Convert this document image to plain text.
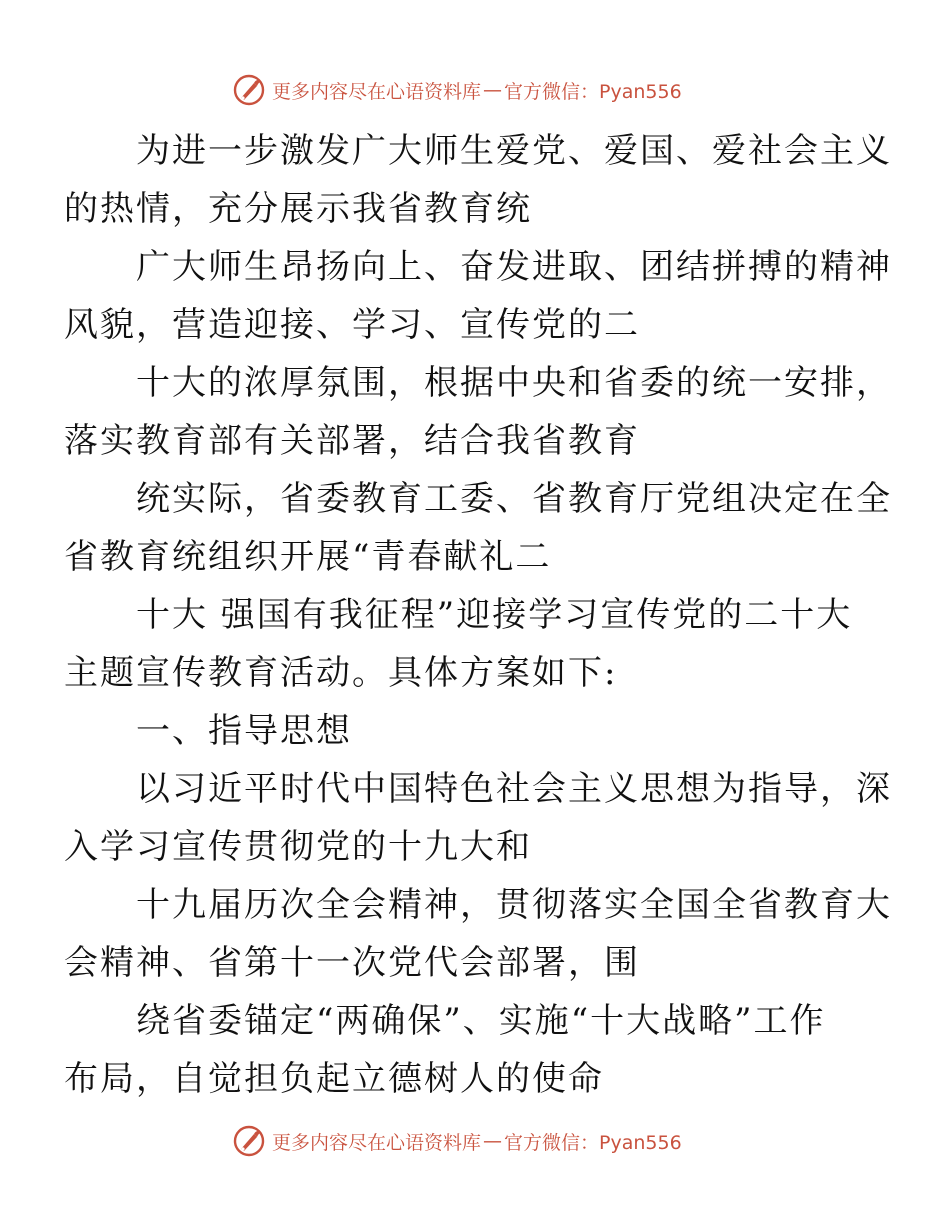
更多内容尽在心语资料库 — 官方微信：Pyan556

为进一步激发广大师生爱党、爱国、爱社会主义
的热情，充分展示我省教育统

广大师生昂扬向上、奋发进取、团结拼搏的精神
风貌，营造迎接、学习、宣传党的二

十大的浓厚氛围，根据中央和省委的统一安排，
落实教育部有关部署，结合我省教育

统实际，省委教育工委、省教育厅党组决定在全
省教育统组织开展“青春献礼二

十大 强国有我征程”迎接学习宣传党的二十大
主题宣传教育活动。具体方案如下:

一、指导思想

以习近平时代中国特色社会主义思想为指导，深
入学习宣传贯彻党的十九大和

十九届历次全会精神，贯彻落实全国全省教育大
会精神、省第十一次党代会部署，围

绕省委锚定“两确保”、实施“十大战略”工作
布局，自觉担负起立德树人的使命

更多内容尽在心语资料库 — 官方微信：Pyan556
